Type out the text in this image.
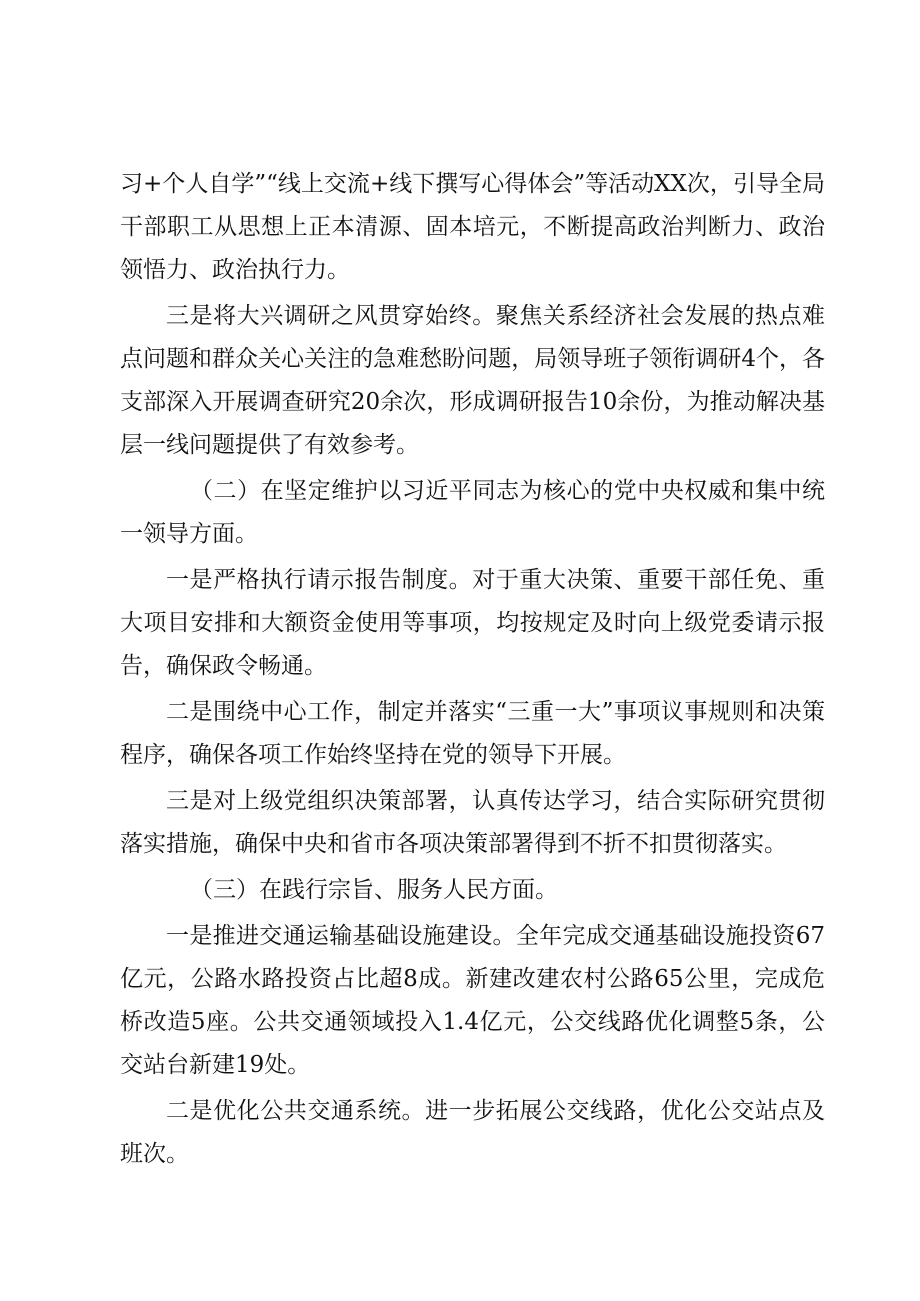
习+个人自学”“线上交流+线下撰写心得体会”等活动XX次，引导全局干部职工从思想上正本清源、固本培元，不断提高政治判断力、政治领悟力、政治执行力。

三是将大兴调研之风贯穿始终。聚焦关系经济社会发展的热点难点问题和群众关心关注的急难愁盼问题，局领导班子领衔调研4个，各支部深入开展调查研究20余次，形成调研报告10余份，为推动解决基层一线问题提供了有效参考。

（二）在坚定维护以习近平同志为核心的党中央权威和集中统一领导方面。

一是严格执行请示报告制度。对于重大决策、重要干部任免、重大项目安排和大额资金使用等事项，均按规定及时向上级党委请示报告，确保政令畅通。

二是围绕中心工作，制定并落实“三重一大”事项议事规则和决策程序，确保各项工作始终坚持在党的领导下开展。

三是对上级党组织决策部署，认真传达学习，结合实际研究贯彻落实措施，确保中央和省市各项决策部署得到不折不扣贯彻落实。

（三）在践行宗旨、服务人民方面。

一是推进交通运输基础设施建设。全年完成交通基础设施投资67亿元，公路水路投资占比超8成。新建改建农村公路65公里，完成危桥改造5座。公共交通领域投入1.4亿元，公交线路优化调整5条，公交站台新建19处。

二是优化公共交通系统。进一步拓展公交线路，优化公交站点及班次。
